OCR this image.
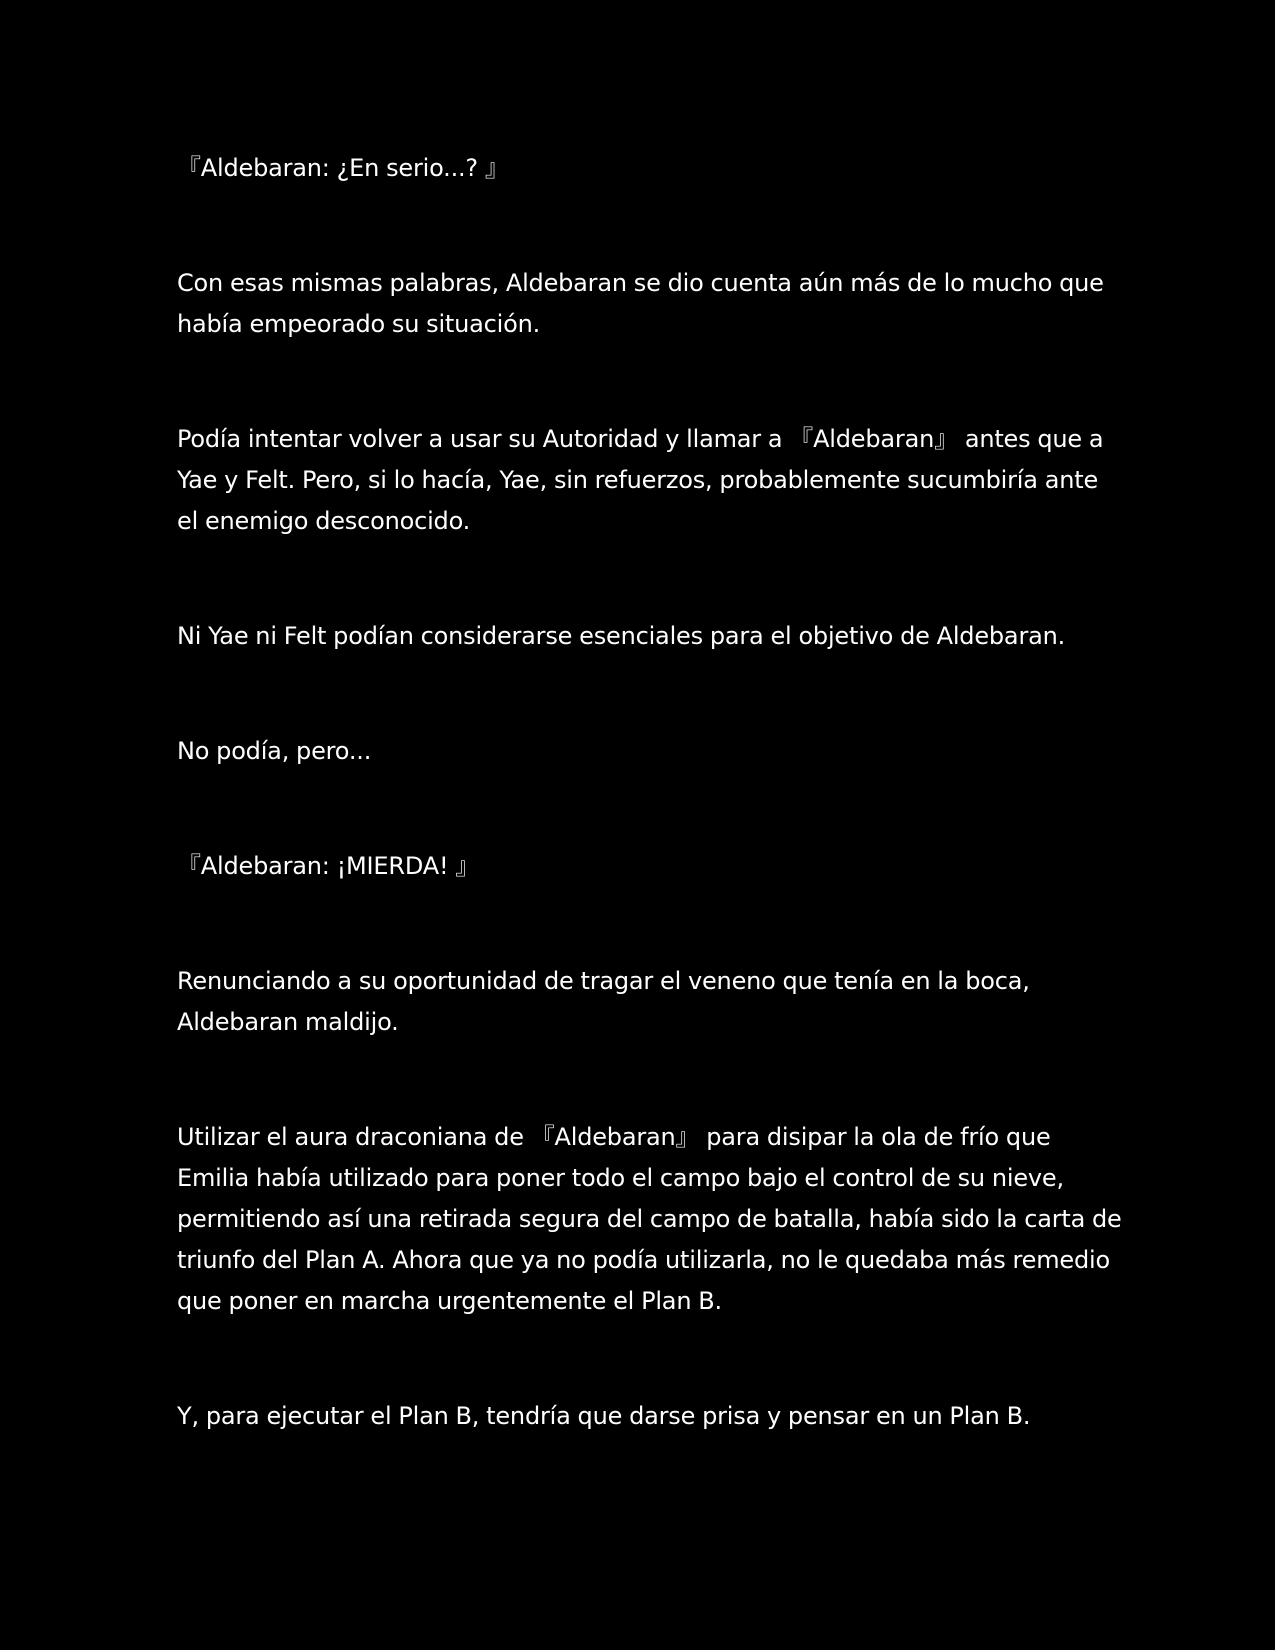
『Aldebaran: ¿En serio...? 』

Con esas mismas palabras, Aldebaran se dio cuenta aún más de lo mucho que había empeorado su situación.

Podía intentar volver a usar su Autoridad y llamar a 『Aldebaran』 antes que a Yae y Felt. Pero, si lo hacía, Yae, sin refuerzos, probablemente sucumbiría ante el enemigo desconocido.

Ni Yae ni Felt podían considerarse esenciales para el objetivo de Aldebaran.

No podía, pero...

『Aldebaran: ¡MIERDA! 』

Renunciando a su oportunidad de tragar el veneno que tenía en la boca, Aldebaran maldijo.

Utilizar el aura draconiana de 『Aldebaran』 para disipar la ola de frío que Emilia había utilizado para poner todo el campo bajo el control de su nieve, permitiendo así una retirada segura del campo de batalla, había sido la carta de triunfo del Plan A. Ahora que ya no podía utilizarla, no le quedaba más remedio que poner en marcha urgentemente el Plan B.

Y, para ejecutar el Plan B, tendría que darse prisa y pensar en un Plan B.
